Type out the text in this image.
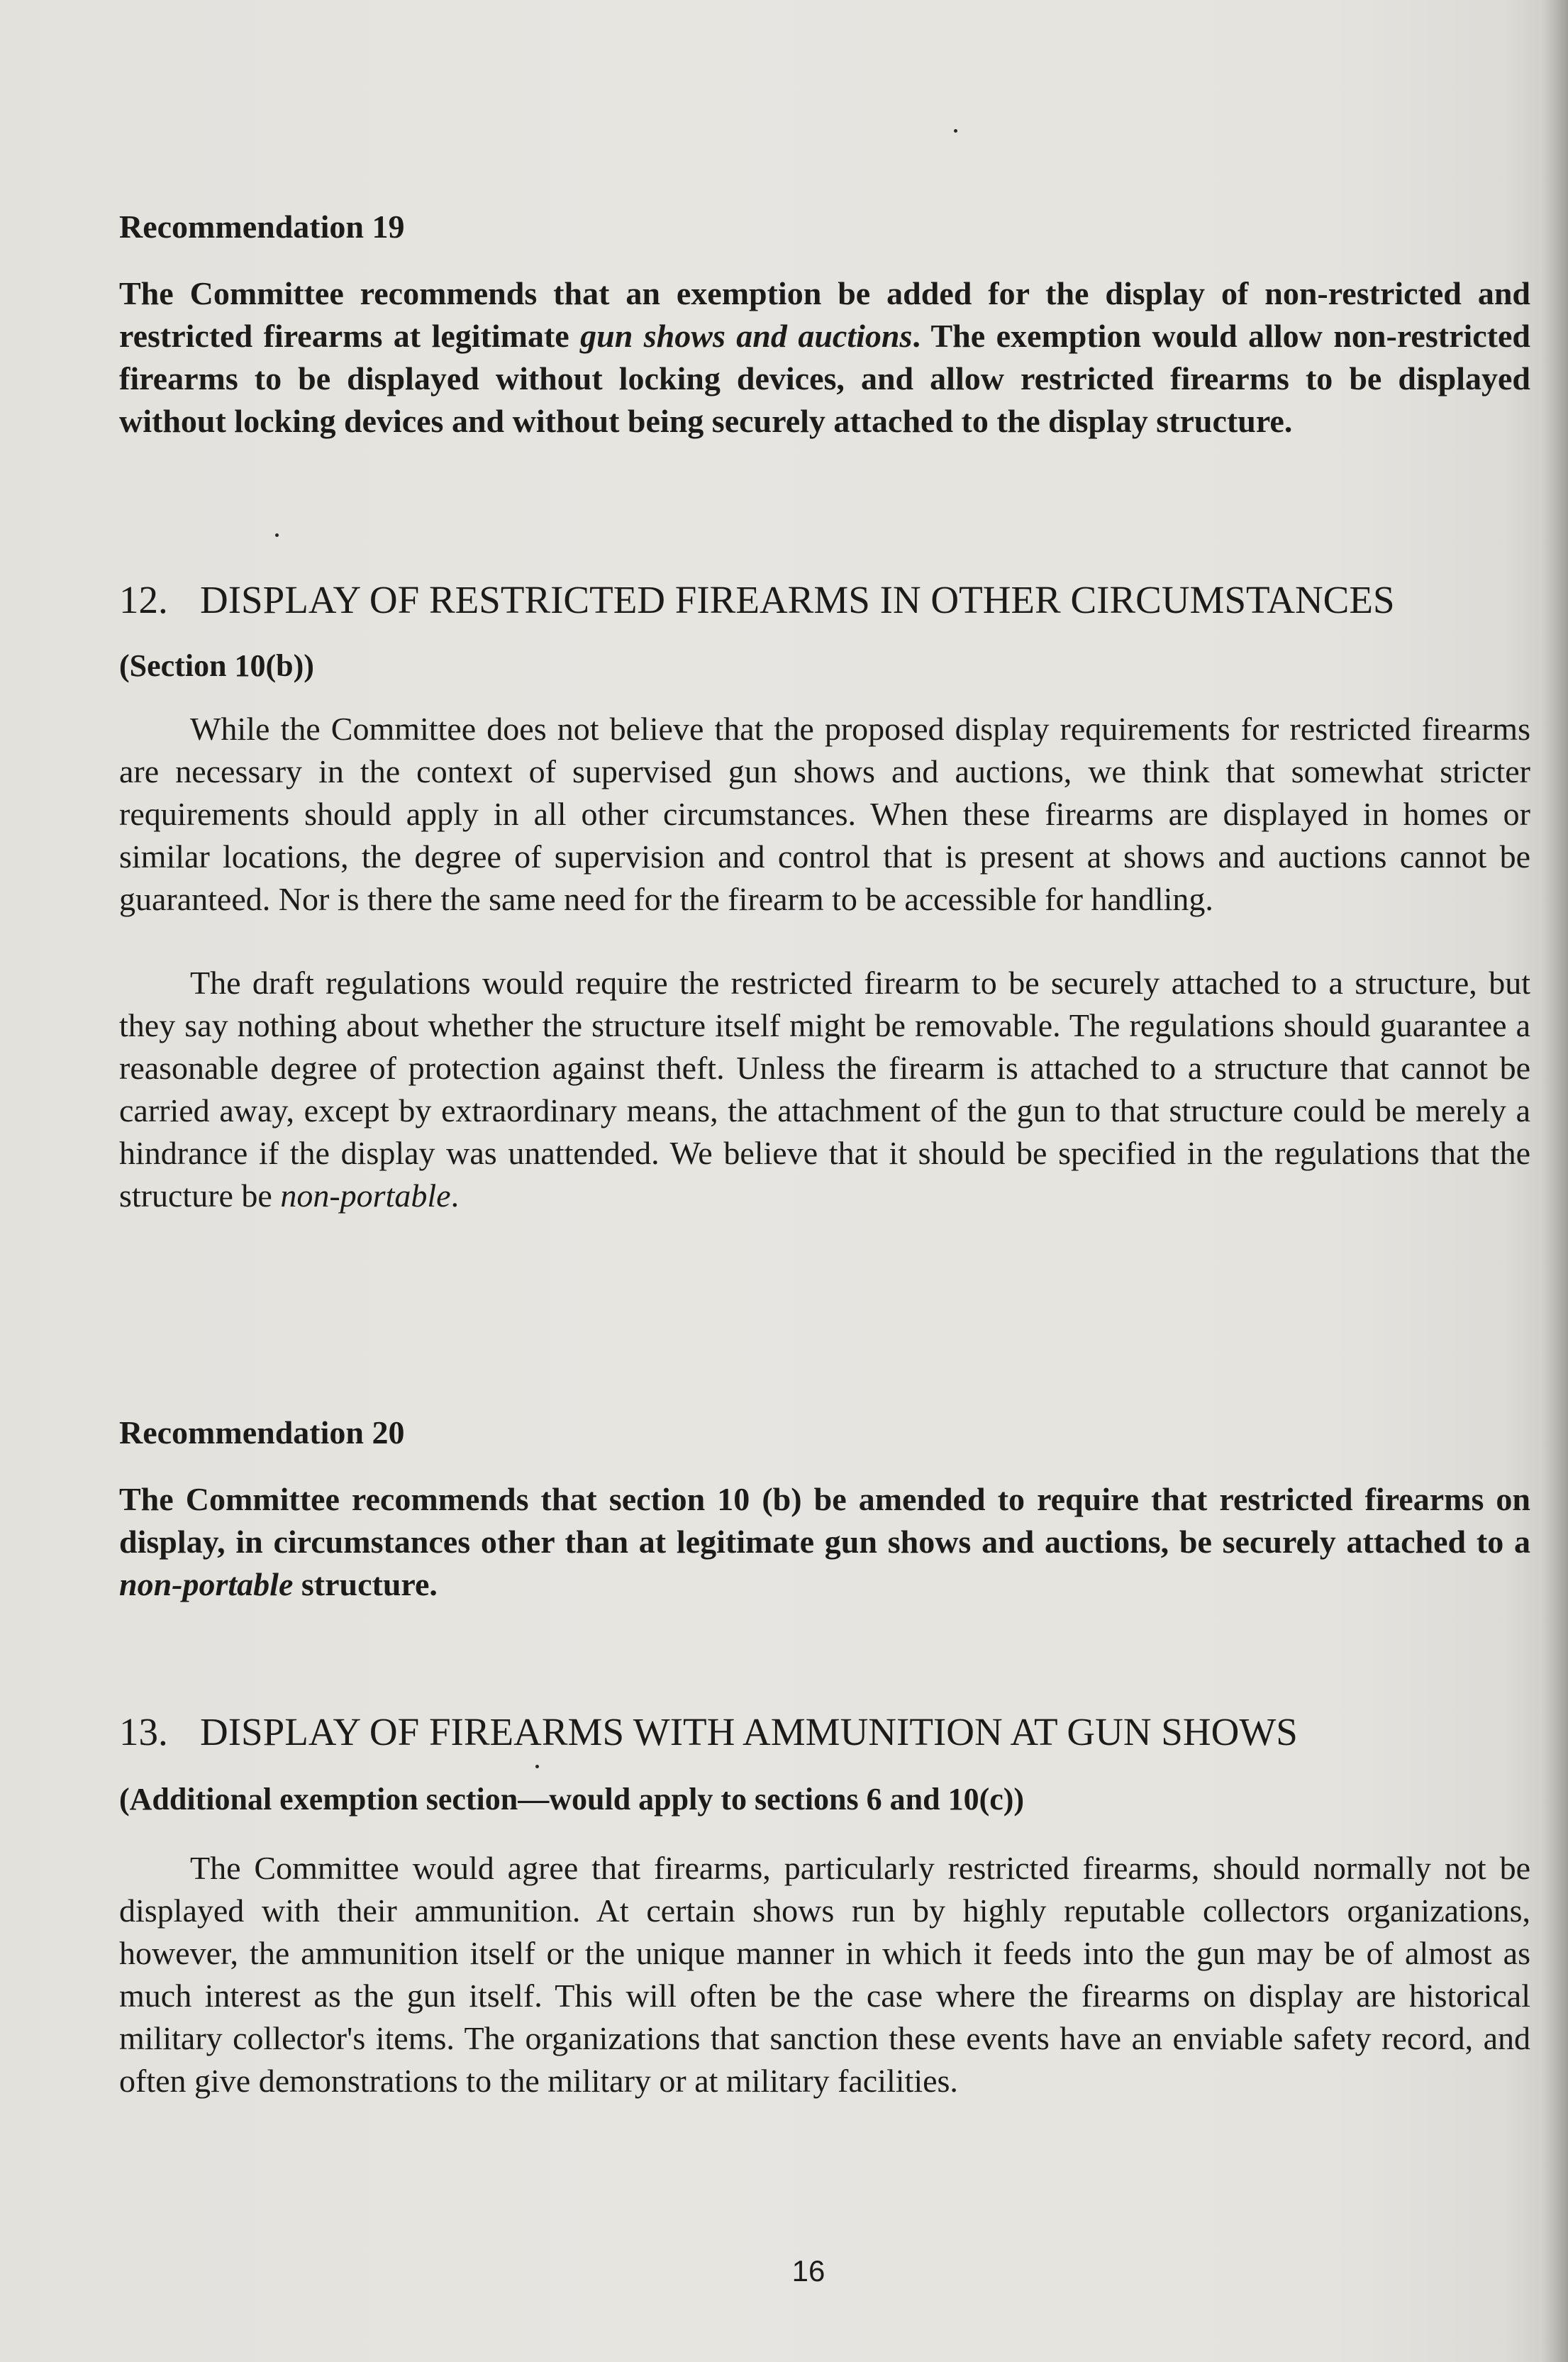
Recommendation 19

The Committee recommends that an exemption be added for the display of non-restricted and restricted firearms at legitimate gun shows and auctions. The exemption would allow non-restricted firearms to be displayed without locking devices, and allow restricted firearms to be displayed without locking devices and without being securely attached to the display structure.

12. DISPLAY OF RESTRICTED FIREARMS IN OTHER CIRCUMSTANCES

(Section 10(b))

While the Committee does not believe that the proposed display requirements for restricted firearms are necessary in the context of supervised gun shows and auctions, we think that somewhat stricter requirements should apply in all other circumstances. When these firearms are displayed in homes or similar locations, the degree of supervision and control that is present at shows and auctions cannot be guaranteed. Nor is there the same need for the firearm to be accessible for handling.

The draft regulations would require the restricted firearm to be securely attached to a structure, but they say nothing about whether the structure itself might be removable. The regulations should guarantee a reasonable degree of protection against theft. Unless the firearm is attached to a structure that cannot be carried away, except by extraordinary means, the attachment of the gun to that structure could be merely a hindrance if the display was unattended. We believe that it should be specified in the regulations that the structure be non-portable.

Recommendation 20

The Committee recommends that section 10 (b) be amended to require that restricted firearms on display, in circumstances other than at legitimate gun shows and auctions, be securely attached to a non-portable structure.

13. DISPLAY OF FIREARMS WITH AMMUNITION AT GUN SHOWS

(Additional exemption section—would apply to sections 6 and 10(c))

The Committee would agree that firearms, particularly restricted firearms, should normally not be displayed with their ammunition. At certain shows run by highly reputable collectors organizations, however, the ammunition itself or the unique manner in which it feeds into the gun may be of almost as much interest as the gun itself. This will often be the case where the firearms on display are historical military collector's items. The organizations that sanction these events have an enviable safety record, and often give demonstrations to the military or at military facilities.

16
